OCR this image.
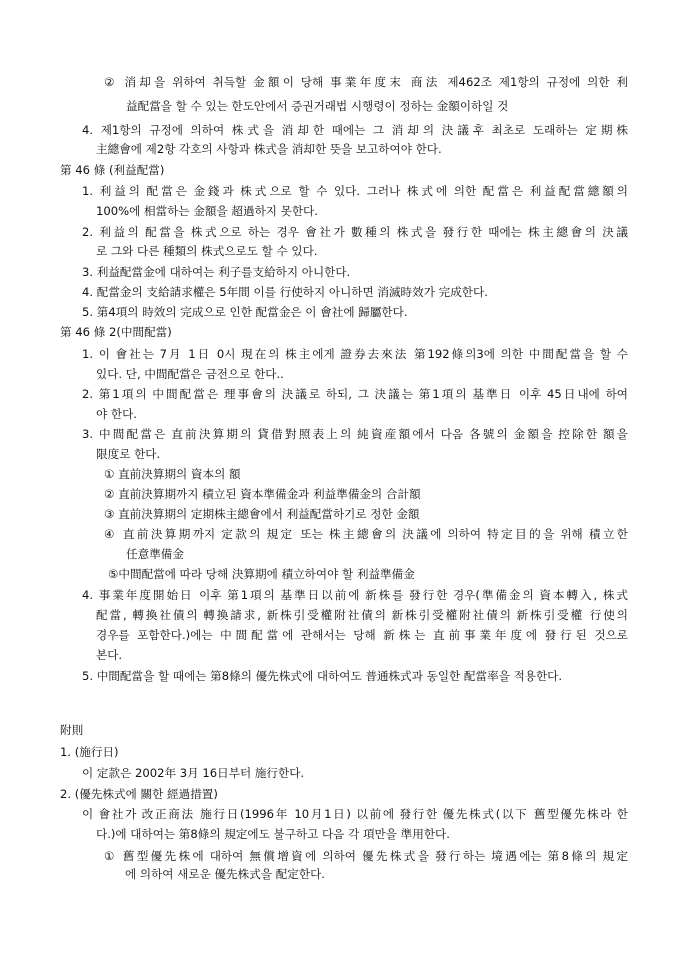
② 消却을 위하여 취득할 金額이 당해 事業年度末 商法 제462조 제1항의 규정에 의한 利
益配當을 할 수 있는 한도안에서 증권거래법 시행령이 정하는 金額이하일 것
4. 제1항의 규정에 의하여 株式을 消却한 때에는 그 消却의 決議후 최초로 도래하는 定期株
主總會에 제2항 각호의 사항과 株式을 消却한 뜻을 보고하여야 한다.
第 46 條 (利益配當)
1. 利益의 配當은 金錢과 株式으로 할 수 있다. 그러나 株式에 의한 配當은 利益配當總額의
100%에 相當하는 金額을 超過하지 못한다.
2. 利益의 配當을 株式으로 하는 경우 會社가 數種의 株式을 發行한 때에는 株主總會의 決議
로 그와 다른 種類의 株式으로도 할 수 있다.
3. 利益配當金에 대하여는 利子를支給하지 아니한다.
4. 配當金의 支給請求權은 5年間 이를 行使하지 아니하면 消滅時效가 完成한다.
5. 第4項의 時效의 完成으로 인한 配當金은 이 會社에 歸屬한다.
第 46 條 2(中間配當)
1. 이 會社는 7月 1日 0시 現在의 株主에게 證券去來法 第192條의3에 의한 中間配當을 할 수
있다. 단, 中間配當은 금전으로 한다..
2. 第1項의 中間配當은 理事會의 決議로 하되, 그 決議는 第1項의 基準日 이후 45日내에 하여
야 한다.
3. 中間配當은 直前決算期의 貸借對照表上의 純資産額에서 다음 各號의 金額을 控除한 額을
限度로 한다.
① 直前決算期의 資本의 額
② 直前決算期까지 積立된 資本準備金과 利益準備金의 合計額
③ 直前決算期의 定期株主總會에서 利益配當하기로 정한 金額
④ 直前決算期까지 定款의 規定 또는 株主總會의 決議에 의하여 特定目的을 위해 積立한
任意準備金
⑤中間配當에 따라 당해 決算期에 積立하여야 할 利益準備金
4. 事業年度開始日 이후 第1項의 基準日以前에 新株를 發行한 경우(準備金의 資本轉入, 株式
配當, 轉換社債의 轉換請求, 新株引受權附社債의 新株引受權附社債의 新株引受權 行使의
경우를 포함한다.)에는 中間配當에 관해서는 당해 新株는 直前事業年度에 發行된 것으로
본다.
5. 中間配當을 할 때에는 第8條의 優先株式에 대하여도 普通株式과 동일한 配當率을 적용한다.
附則
1. (施行日)
이 定款은 2002年 3月 16日부터 施行한다.
2. (優先株式에 關한 經過措置)
이 會社가 改正商法 施行日(1996年 10月1日) 以前에 發行한 優先株式(以下 舊型優先株라 한
다.)에 대하여는 第8條의 規定에도 불구하고 다음 각 項만을 準用한다.
① 舊型優先株에 대하여 無償增資에 의하여 優先株式을 發行하는 境遇에는 第8條의 規定
에 의하여 새로운 優先株式을 配定한다.
